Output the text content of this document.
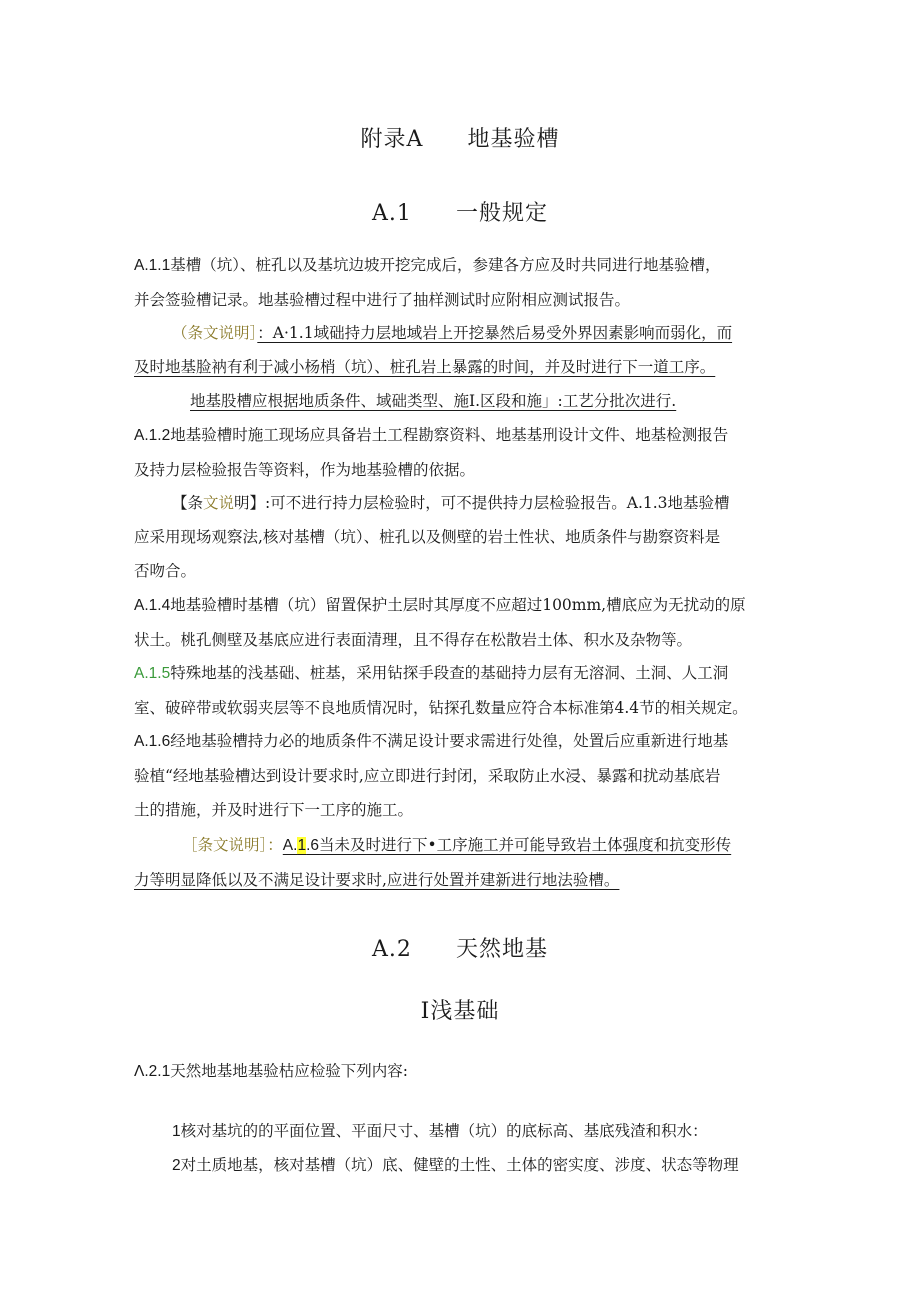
附录A 地基验槽
A.1 一般规定
A.1.1基槽（坑）、桩孔以及基坑边坡开挖完成后，参建各方应及时共同进行地基验槽，
并会签验槽记录。地基验槽过程中进行了抽样测试时应附相应测试报告。
（条文说明］：A·1.1域础持力层地域岩上开挖暴然后易受外界因素影响而弱化，而
及时地基脸衲有利于减小杨梢（坑）、桩孔岩上暴露的时间，并及时进行下一道工序。
地基股槽应根据地质条件、域础类型、施I.区段和施」:工艺分批次进行.
A.1.2地基验槽时施工现场应具备岩土工程勘察资料、地基基刑设计文件、地基检测报告
及持力层检验报告等资料，作为地基验槽的依据。
【条文说明】:可不进行持力层检验时，可不提供持力层检验报告。A.1.3地基验槽
应采用现场观察法,核对基槽（坑）、桩孔以及侧壁的岩土性状、地质条件与勘察资料是
否吻合。
A.1.4地基验槽时基槽（坑）留置保护土层时其厚度不应超过100mm,槽底应为无扰动的原
状土。桃孔侧壁及基底应进行表面清理，且不得存在松散岩土体、积水及杂物等。
A.1.5特殊地基的浅基础、桩基，采用钻探手段查的基础持力层有无溶洞、土洞、人工洞
室、破碎带或软弱夹层等不良地质情况时，钻探孔数量应符合本标准第4.4节的相关规定。
A.1.6经地基验槽持力必的地质条件不满足设计要求需进行处徨，处置后应重新进行地基
验植“经地基验槽达到设计要求时,应立即进行封闭，采取防止水浸、暴露和扰动基底岩
土的措施，并及时进行下一工序的施工。
［条文说明］：A.1.6当未及时进行下•工序施工并可能导致岩土体强度和抗变形传
力等明显降低以及不满足设计要求时,应进行处置并建新进行地法验槽。
A.2 天然地基
I浅基础
Λ.2.1天然地基地基验枯应检验下列内容:
1核对基坑的的平面位置、平面尺寸、基槽（坑）的底标高、基底残渣和积水：
2对土质地基，核对基槽（坑）底、健壁的土性、土体的密实度、涉度、状态等物理
